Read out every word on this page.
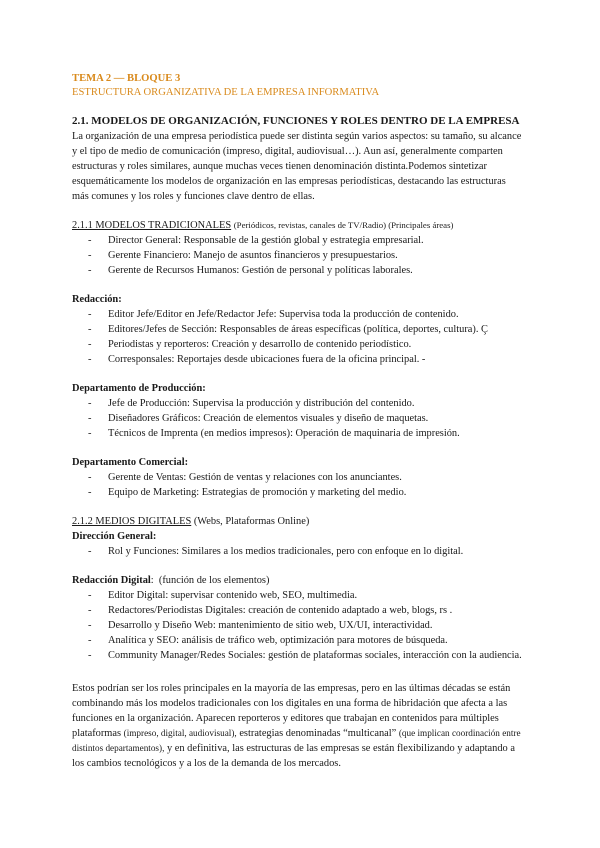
TEMA 2 — BLOQUE 3
ESTRUCTURA ORGANIZATIVA DE LA EMPRESA INFORMATIVA
2.1. MODELOS DE ORGANIZACIÓN, FUNCIONES Y ROLES DENTRO DE LA EMPRESA

La organización de una empresa periodística puede ser distinta según varios aspectos: su tamaño, su alcance y el tipo de medio de comunicación (impreso, digital, audiovisual…). Aun así, generalmente comparten estructuras y roles similares, aunque muchas veces tienen denominación distinta.Podemos sintetizar esquemáticamente los modelos de organización en las empresas periodísticas, destacando las estructuras más comunes y los roles y funciones clave dentro de ellas.

2.1.1 MODELOS TRADICIONALES (Periódicos, revistas, canales de TV/Radio) (Principales áreas)
- Director General: Responsable de la gestión global y estrategia empresarial.
- Gerente Financiero: Manejo de asuntos financieros y presupuestarios.
- Gerente de Recursos Humanos: Gestión de personal y políticas laborales.
Redacción:
- Editor Jefe/Editor en Jefe/Redactor Jefe: Supervisa toda la producción de contenido.
- Editores/Jefes de Sección: Responsables de áreas específicas (política, deportes, cultura). Ç
- Periodistas y reporteros: Creación y desarrollo de contenido periodístico.
- Corresponsales: Reportajes desde ubicaciones fuera de la oficina principal. -
Departamento de Producción:
- Jefe de Producción: Supervisa la producción y distribución del contenido.
- Diseñadores Gráficos: Creación de elementos visuales y diseño de maquetas.
- Técnicos de Imprenta (en medios impresos): Operación de maquinaria de impresión.
Departamento Comercial:
- Gerente de Ventas: Gestión de ventas y relaciones con los anunciantes.
- Equipo de Marketing: Estrategias de promoción y marketing del medio.
2.1.2 MEDIOS DIGITALES (Webs, Plataformas Online)
Dirección General:
- Rol y Funciones: Similares a los medios tradicionales, pero con enfoque en lo digital.
Redacción Digital:  (función de los elementos)
- Editor Digital: supervisar contenido web, SEO, multimedia.
- Redactores/Periodistas Digitales: creación de contenido adaptado a web, blogs, rs .
- Desarrollo y Diseño Web: mantenimiento de sitio web, UX/UI, interactividad.
- Analítica y SEO: análisis de tráfico web, optimización para motores de búsqueda.
- Community Manager/Redes Sociales: gestión de plataformas sociales, interacción con la audiencia.

Estos podrían ser los roles principales en la mayoría de las empresas, pero en las últimas décadas se están combinando más los modelos tradicionales con los digitales en una forma de hibridación que afecta a las funciones en la organización. Aparecen reporteros y editores que trabajan en contenidos para múltiples plataformas (impreso, digital, audiovisual), estrategias denominadas “multicanal” (que implican coordinación entre distintos departamentos), y en definitiva, las estructuras de las empresas se están flexibilizando y adaptando a los cambios tecnológicos y a los de la demanda de los mercados.
